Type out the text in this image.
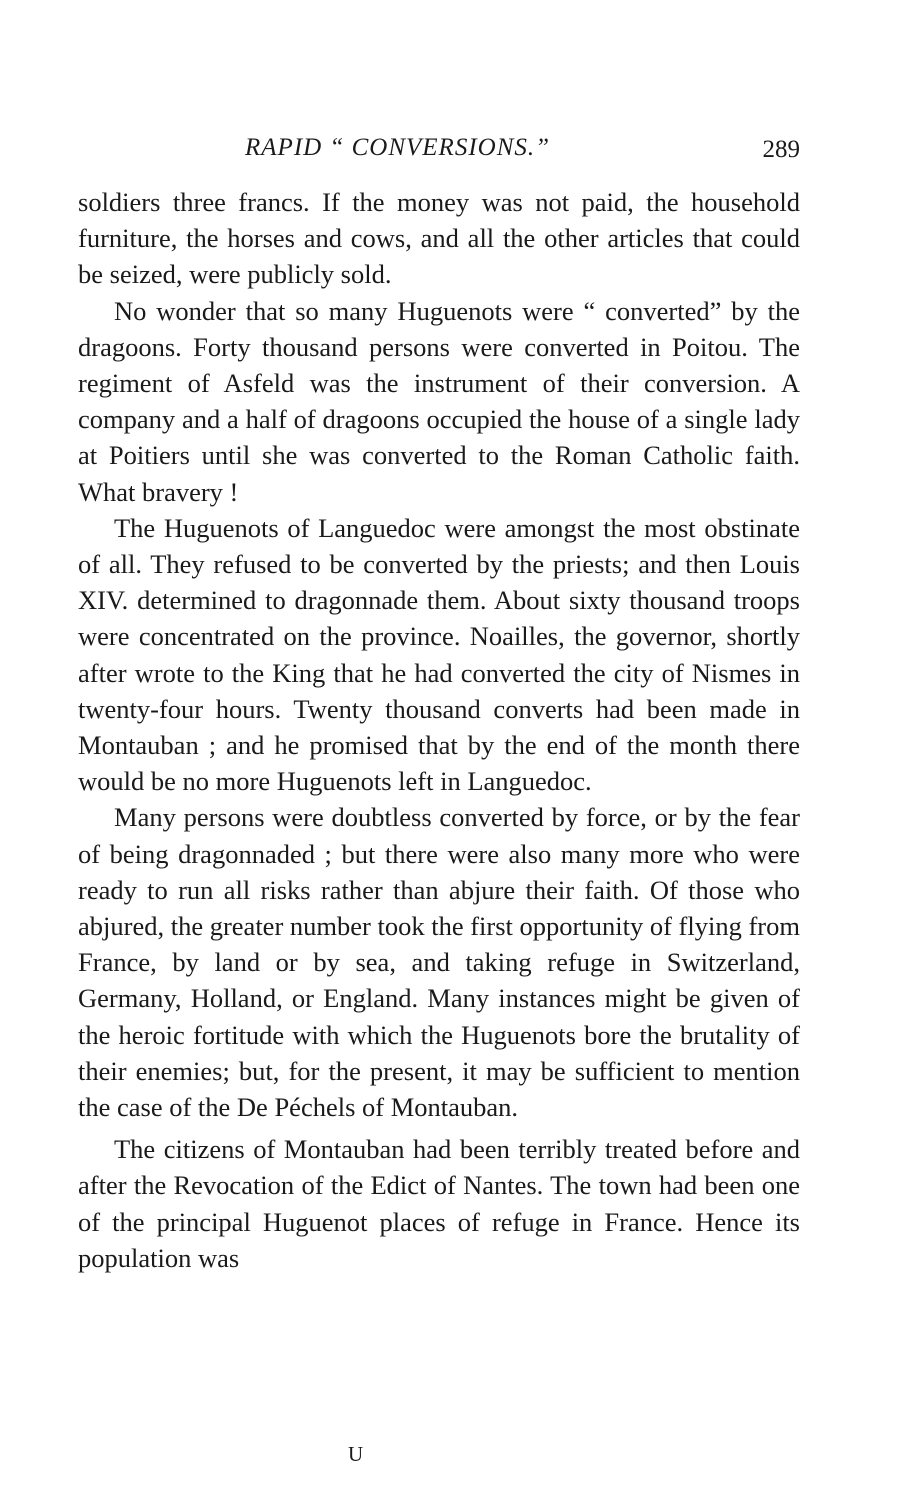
RAPID “ CONVERSIONS.”	289

soldiers three francs. If the money was not paid, the household furniture, the horses and cows, and all the other articles that could be seized, were publicly sold.

No wonder that so many Huguenots were “ converted” by the dragoons. Forty thousand persons were converted in Poitou. The regiment of Asfeld was the instrument of their conversion. A company and a half of dragoons occupied the house of a single lady at Poitiers until she was converted to the Roman Catholic faith. What bravery !

The Huguenots of Languedoc were amongst the most obstinate of all. They refused to be converted by the priests; and then Louis XIV. determined to dragonnade them. About sixty thousand troops were concentrated on the province. Noailles, the governor, shortly after wrote to the King that he had converted the city of Nismes in twenty-four hours. Twenty thousand converts had been made in Montauban ; and he promised that by the end of the month there would be no more Huguenots left in Languedoc.

Many persons were doubtless converted by force, or by the fear of being dragonnaded ; but there were also many more who were ready to run all risks rather than abjure their faith. Of those who abjured, the greater number took the first opportunity of flying from France, by land or by sea, and taking refuge in Switzerland, Germany, Holland, or England. Many instances might be given of the heroic fortitude with which the Huguenots bore the brutality of their enemies; but, for the present, it may be sufficient to mention the case of the De Péchels of Montauban.

The citizens of Montauban had been terribly treated before and after the Revocation of the Edict of Nantes. The town had been one of the principal Huguenot places of refuge in France. Hence its population was

U
